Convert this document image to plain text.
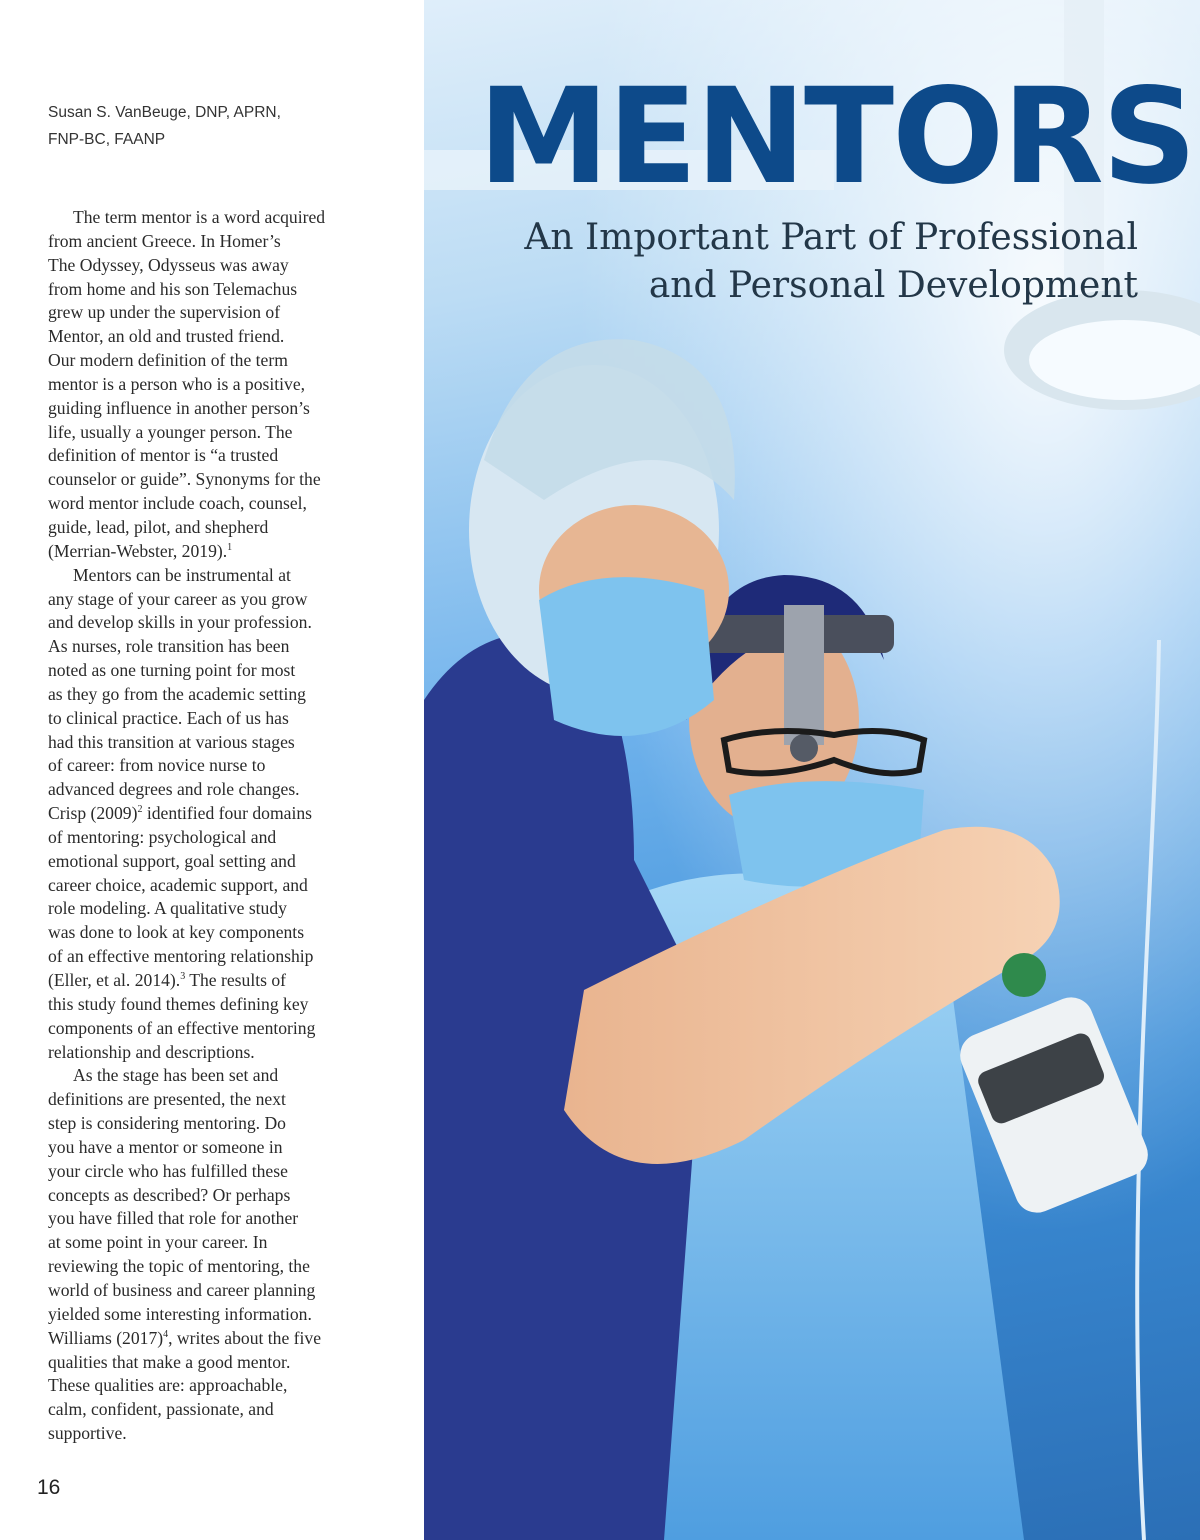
Susan S. VanBeuge, DNP, APRN,
FNP-BC, FAANP
The term mentor is a word acquired
from ancient Greece. In Homer’s
The Odyssey, Odysseus was away
from home and his son Telemachus
grew up under the supervision of
Mentor, an old and trusted friend.
Our modern definition of the term
mentor is a person who is a positive,
guiding influence in another person’s
life, usually a younger person. The
definition of mentor is “a trusted
counselor or guide”. Synonyms for the
word mentor include coach, counsel,
guide, lead, pilot, and shepherd
(Merrian-Webster, 2019).$^1$
Mentors can be instrumental at
any stage of your career as you grow
and develop skills in your profession.
As nurses, role transition has been
noted as one turning point for most
as they go from the academic setting
to clinical practice. Each of us has
had this transition at various stages
of career: from novice nurse to
advanced degrees and role changes.
Crisp (2009)$^2$ identified four domains
of mentoring: psychological and
emotional support, goal setting and
career choice, academic support, and
role modeling. A qualitative study
was done to look at key components
of an effective mentoring relationship
(Eller, et al. 2014).$^3$ The results of
this study found themes defining key
components of an effective mentoring
relationship and descriptions.
As the stage has been set and
definitions are presented, the next
step is considering mentoring. Do
you have a mentor or someone in
your circle who has fulfilled these
concepts as described? Or perhaps
you have filled that role for another
at some point in your career. In
reviewing the topic of mentoring, the
world of business and career planning
yielded some interesting information.
Williams (2017)$^4$, writes about the five
qualities that make a good mentor.
These qualities are: approachable,
calm, confident, passionate, and
supportive.
16
MENTORS
An Important Part of Professional
and Personal Development
